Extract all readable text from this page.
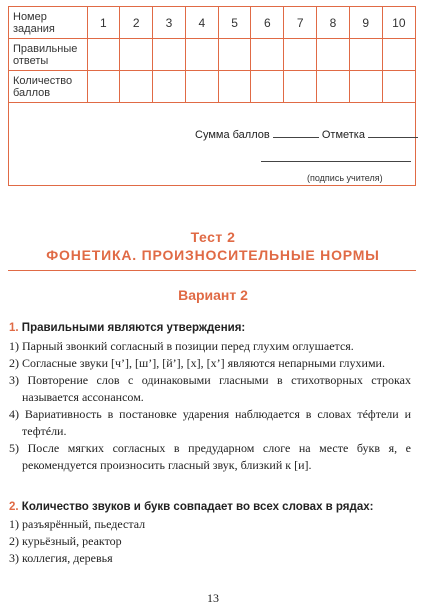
Номер задания	1	2	3	4	5	6	7	8	9	10
Правильные ответы										
Количество баллов										
Сумма баллов	Отметка
(подпись учителя)
Тест 2
ФОНЕТИКА. ПРОИЗНОСИТЕЛЬНЫЕ НОРМЫ
Вариант 2
1. Правильными являются утверждения:
1) Парный звонкий согласный в позиции перед глухим оглушается.
2) Согласные звуки [ч’], [ш’], [й’], [х], [х’] являются непарными глухими.
3) Повторение слов с одинаковыми гласными в стихотворных строках называется ассонансом.
4) Вариативность в постановке ударения наблюдается в словах тéфтели и тефтéли.
5) После мягких согласных в предударном слоге на месте букв я, е рекомендуется произносить гласный звук, близкий к [и].
2. Количество звуков и букв совпадает во всех словах в рядах:
1) разъярённый, пьедестал
2) курьёзный, реактор
3) коллегия, деревья
13
